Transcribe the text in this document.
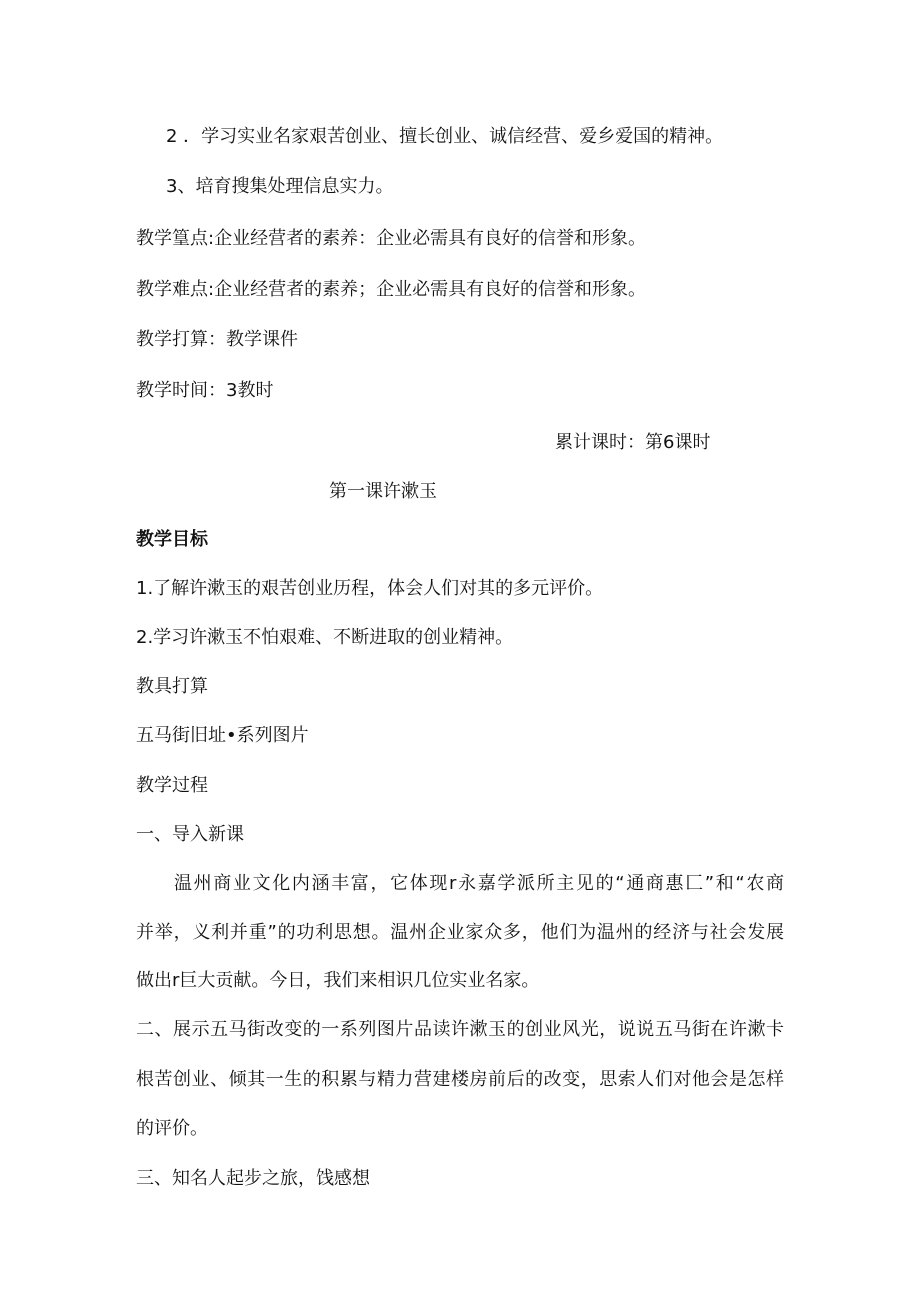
2 ．学习实业名家艰苦创业、擅长创业、诚信经营、爱乡爱国的精神。
3、培育搜集处理信息实力。
教学篁点:企业经营者的素养：企业必需具有良好的信誉和形象。
教学难点:企业经营者的素养；企业必需具有良好的信誉和形象。
教学打算：教学课件
教学时间：3教时
累计课时：第6课时
第一课许漱玉
教学目标
1.了解许漱玉的艰苦创业历程，体会人们对其的多元评价。
2.学习许漱玉不怕艰难、不断进取的创业精神。
教具打算
五马街旧址•系列图片
教学过程
一、导入新课
温州商业文化内涵丰富，它体现r永嘉学派所主见的“通商惠匚”和“农商
并举，义利并重”的功利思想。温州企业家众多，他们为温州的经济与社会发展
做出r巨大贡献。今日，我们来相识几位实业名家。
二、展示五马街改变的一系列图片品读许漱玉的创业风光，说说五马街在许漱卡
根苦创业、倾其一生的积累与精力营建楼房前后的改变，思索人们对他会是怎样
的评价。
三、知名人起步之旅，饯感想
